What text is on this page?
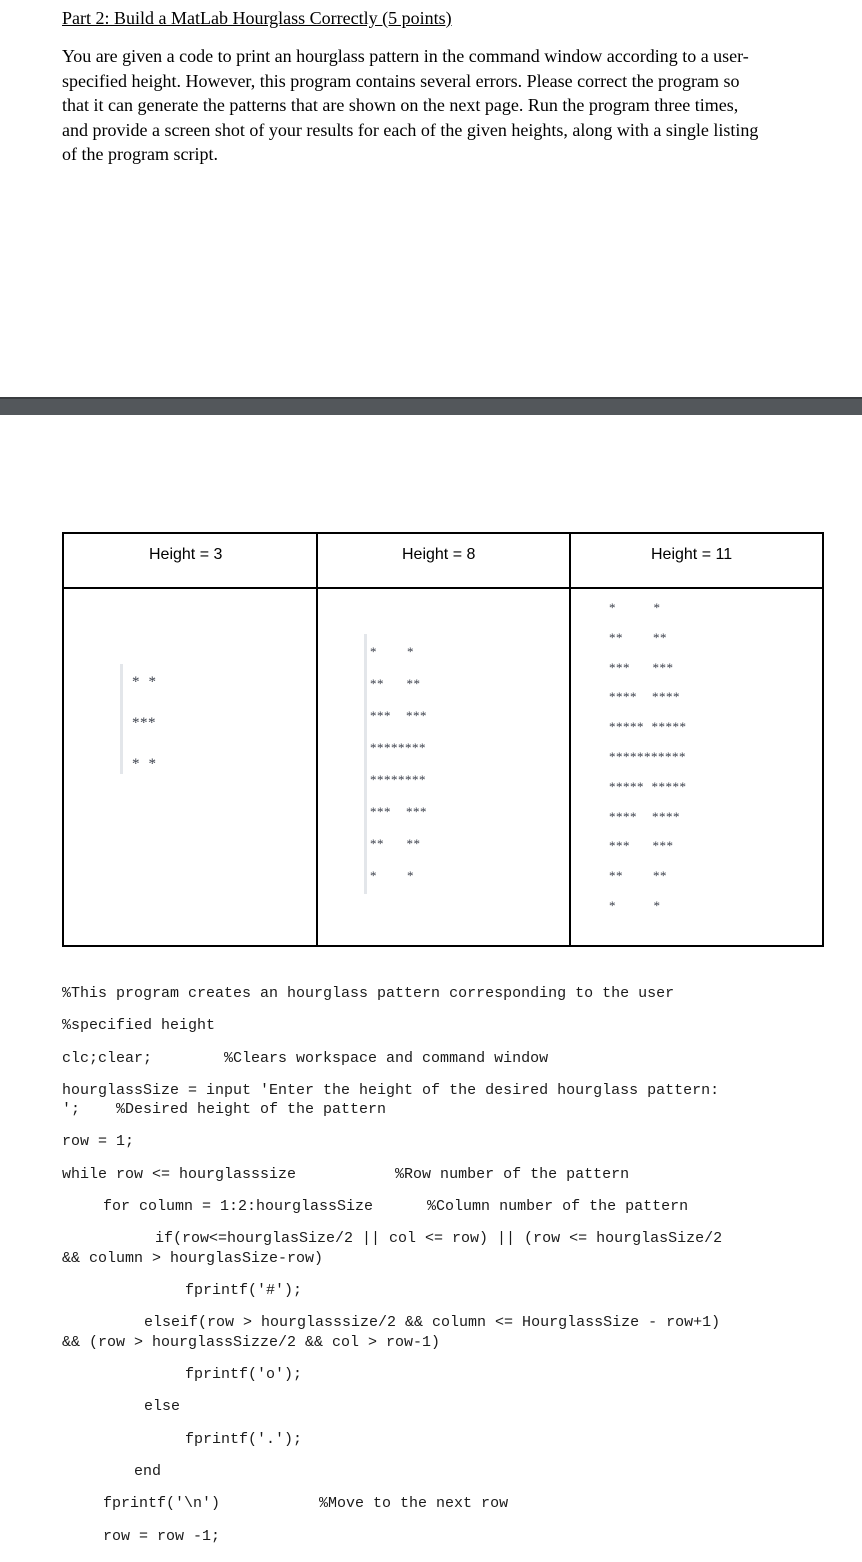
Part 2: Build a MatLab Hourglass Correctly (5 points)
You are given a code to print an hourglass pattern in the command window according to a user-
specified height. However, this program contains several errors. Please correct the program so
that it can generate the patterns that are shown on the next page. Run the program three times,
and provide a screen shot of your results for each of the given heights, along with a single listing
of the program script.
Height = 3	Height = 8	Height = 11
*  *
***
*  *
*        *
**      **
***    ***
********
********
***    ***
**      **
*        *
*          *
**        **
***      ***
****    ****
*****  *****
***********
*****  *****
****    ****
***      ***
**        **
*          *
%This program creates an hourglass pattern corresponding to the user
%specified height
clc;clear;        %Clears workspace and command window
hourglassSize = input 'Enter the height of the desired hourglass pattern:
';    %Desired height of the pattern
row = 1;
while row <= hourglasssize           %Row number of the pattern
for column = 1:2:hourglassSize      %Column number of the pattern
if(row<=hourglasSize/2 || col <= row) || (row <= hourglasSize/2
&& column > hourglasSize-row)
fprintf('#');
elseif(row > hourglasssize/2 && column <= HourglassSize - row+1)
&& (row > hourglassSizze/2 && col > row-1)
fprintf('o');
else
fprintf('.');
end
fprintf('\n')           %Move to the next row
row = row -1;
